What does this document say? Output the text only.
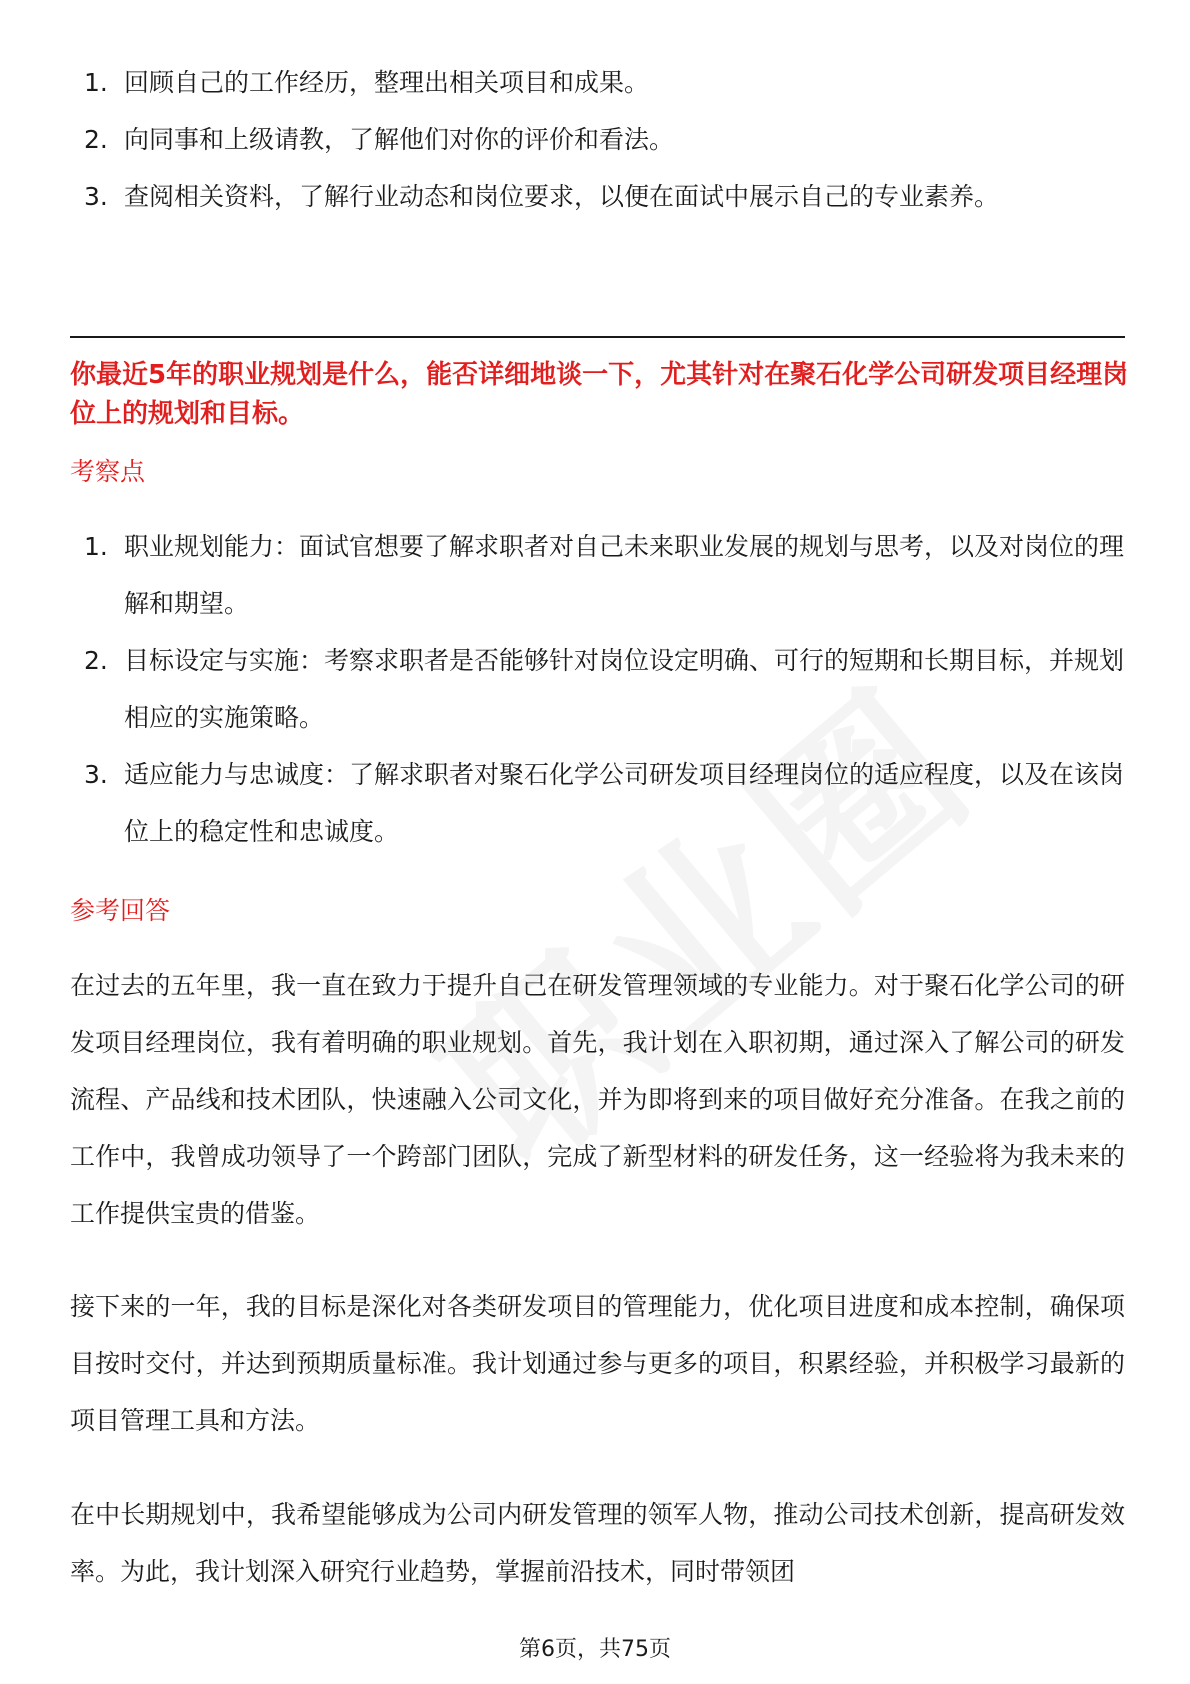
1. 回顾自己的工作经历，整理出相关项目和成果。
2. 向同事和上级请教，了解他们对你的评价和看法。
3. 查阅相关资料，了解行业动态和岗位要求，以便在面试中展示自己的专业素养。
你最近5年的职业规划是什么，能否详细地谈一下，尤其针对在聚石化学公司研发项目经理岗位上的规划和目标。
考察点
1. 职业规划能力：面试官想要了解求职者对自己未来职业发展的规划与思考，以及对岗位的理解和期望。
2. 目标设定与实施：考察求职者是否能够针对岗位设定明确、可行的短期和长期目标，并规划相应的实施策略。
3. 适应能力与忠诚度：了解求职者对聚石化学公司研发项目经理岗位的适应程度，以及在该岗位上的稳定性和忠诚度。
参考回答

在过去的五年里，我一直在致力于提升自己在研发管理领域的专业能力。对于聚石化学公司的研发项目经理岗位，我有着明确的职业规划。首先，我计划在入职初期，通过深入了解公司的研发流程、产品线和技术团队，快速融入公司文化，并为即将到来的项目做好充分准备。在我之前的工作中，我曾成功领导了一个跨部门团队，完成了新型材料的研发任务，这一经验将为我未来的工作提供宝贵的借鉴。

接下来的一年，我的目标是深化对各类研发项目的管理能力，优化项目进度和成本控制，确保项目按时交付，并达到预期质量标准。我计划通过参与更多的项目，积累经验，并积极学习最新的项目管理工具和方法。

在中长期规划中，我希望能够成为公司内研发管理的领军人物，推动公司技术创新，提高研发效率。为此，我计划深入研究行业趋势，掌握前沿技术，同时带领团

第6页，共75页
